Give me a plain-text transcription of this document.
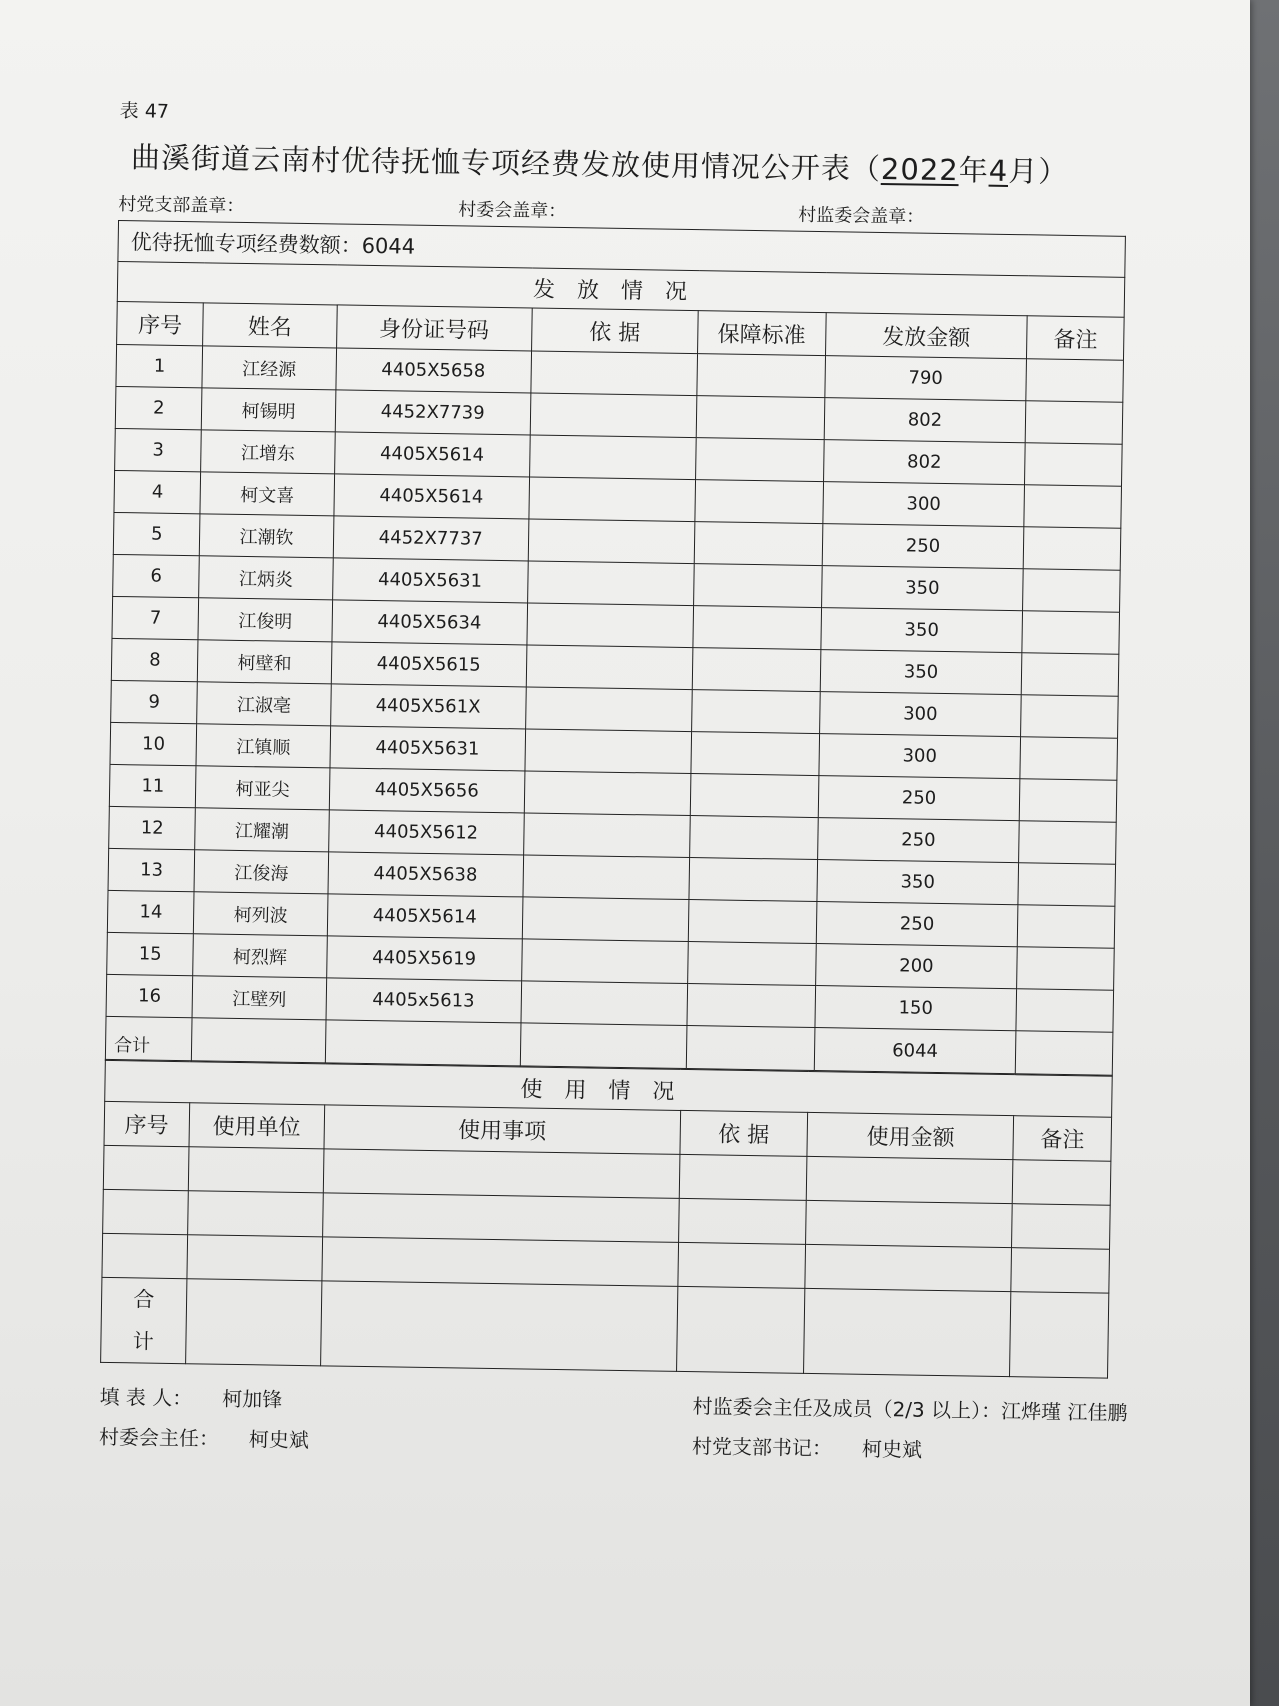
表 47
曲溪街道云南村优待抚恤专项经费发放使用情况公开表（2022年4月）
村党支部盖章：	村委会盖章：	村监委会盖章：
优待抚恤专项经费数额：6044						
发放情况						
序号	姓名	身份证号码	依 据	保障标准	发放金额	备注
1	江经源	4405X5658			790	
2	柯锡明	4452X7739			802	
3	江增东	4405X5614			802	
4	柯文喜	4405X5614			300	
5	江潮钦	4452X7737			250	
6	江炳炎	4405X5631			350	
7	江俊明	4405X5634			350	
8	柯壁和	4405X5615			350	
9	江淑亳	4405X561X			300	
10	江镇顺	4405X5631			300	
11	柯亚尖	4405X5656			250	
12	江耀潮	4405X5612			250	
13	江俊海	4405X5638			350	
14	柯列波	4405X5614			250	
15	柯烈辉	4405X5619			200	
16	江壁列	4405x5613			150	
合计					6044	
使用情况					
序号	使用单位	使用事项	依 据	使用金额	备注

合
计					

填 表 人： 柯加锋
村委会主任： 柯史斌
村监委会主任及成员（2/3 以上）：江烨瑾 江佳鹏
村党支部书记： 柯史斌
